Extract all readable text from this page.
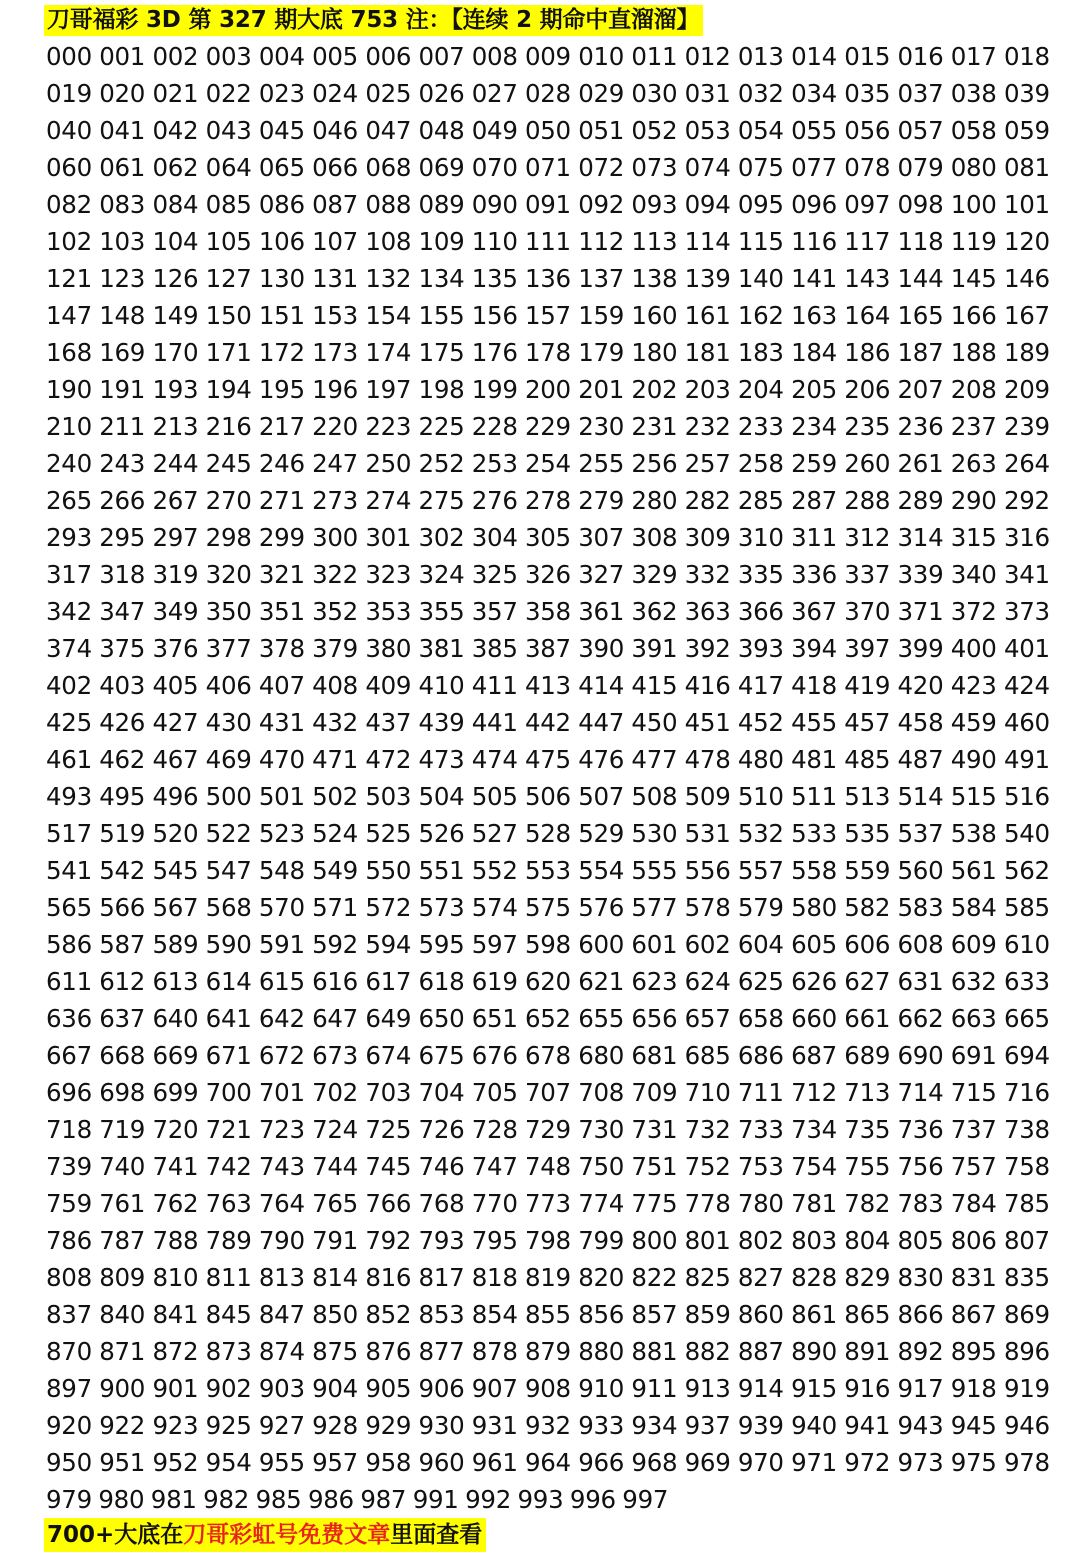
刀哥福彩 3D 第 327 期大底 753 注：【连续 2 期命中直溜溜】
000 001 002 003 004 005 006 007 008 009 010 011 012 013 014 015 016 017 018
019 020 021 022 023 024 025 026 027 028 029 030 031 032 034 035 037 038 039
040 041 042 043 045 046 047 048 049 050 051 052 053 054 055 056 057 058 059
060 061 062 064 065 066 068 069 070 071 072 073 074 075 077 078 079 080 081
082 083 084 085 086 087 088 089 090 091 092 093 094 095 096 097 098 100 101
102 103 104 105 106 107 108 109 110 111 112 113 114 115 116 117 118 119 120
121 123 126 127 130 131 132 134 135 136 137 138 139 140 141 143 144 145 146
147 148 149 150 151 153 154 155 156 157 159 160 161 162 163 164 165 166 167
168 169 170 171 172 173 174 175 176 178 179 180 181 183 184 186 187 188 189
190 191 193 194 195 196 197 198 199 200 201 202 203 204 205 206 207 208 209
210 211 213 216 217 220 223 225 228 229 230 231 232 233 234 235 236 237 239
240 243 244 245 246 247 250 252 253 254 255 256 257 258 259 260 261 263 264
265 266 267 270 271 273 274 275 276 278 279 280 282 285 287 288 289 290 292
293 295 297 298 299 300 301 302 304 305 307 308 309 310 311 312 314 315 316
317 318 319 320 321 322 323 324 325 326 327 329 332 335 336 337 339 340 341
342 347 349 350 351 352 353 355 357 358 361 362 363 366 367 370 371 372 373
374 375 376 377 378 379 380 381 385 387 390 391 392 393 394 397 399 400 401
402 403 405 406 407 408 409 410 411 413 414 415 416 417 418 419 420 423 424
425 426 427 430 431 432 437 439 441 442 447 450 451 452 455 457 458 459 460
461 462 467 469 470 471 472 473 474 475 476 477 478 480 481 485 487 490 491
493 495 496 500 501 502 503 504 505 506 507 508 509 510 511 513 514 515 516
517 519 520 522 523 524 525 526 527 528 529 530 531 532 533 535 537 538 540
541 542 545 547 548 549 550 551 552 553 554 555 556 557 558 559 560 561 562
565 566 567 568 570 571 572 573 574 575 576 577 578 579 580 582 583 584 585
586 587 589 590 591 592 594 595 597 598 600 601 602 604 605 606 608 609 610
611 612 613 614 615 616 617 618 619 620 621 623 624 625 626 627 631 632 633
636 637 640 641 642 647 649 650 651 652 655 656 657 658 660 661 662 663 665
667 668 669 671 672 673 674 675 676 678 680 681 685 686 687 689 690 691 694
696 698 699 700 701 702 703 704 705 707 708 709 710 711 712 713 714 715 716
718 719 720 721 723 724 725 726 728 729 730 731 732 733 734 735 736 737 738
739 740 741 742 743 744 745 746 747 748 750 751 752 753 754 755 756 757 758
759 761 762 763 764 765 766 768 770 773 774 775 778 780 781 782 783 784 785
786 787 788 789 790 791 792 793 795 798 799 800 801 802 803 804 805 806 807
808 809 810 811 813 814 816 817 818 819 820 822 825 827 828 829 830 831 835
837 840 841 845 847 850 852 853 854 855 856 857 859 860 861 865 866 867 869
870 871 872 873 874 875 876 877 878 879 880 881 882 887 890 891 892 895 896
897 900 901 902 903 904 905 906 907 908 910 911 913 914 915 916 917 918 919
920 922 923 925 927 928 929 930 931 932 933 934 937 939 940 941 943 945 946
950 951 952 954 955 957 958 960 961 964 966 968 969 970 971 972 973 975 978
979 980 981 982 985 986 987 991 992 993 996 997
700+大底在刀哥彩虹号免费文章里面查看
